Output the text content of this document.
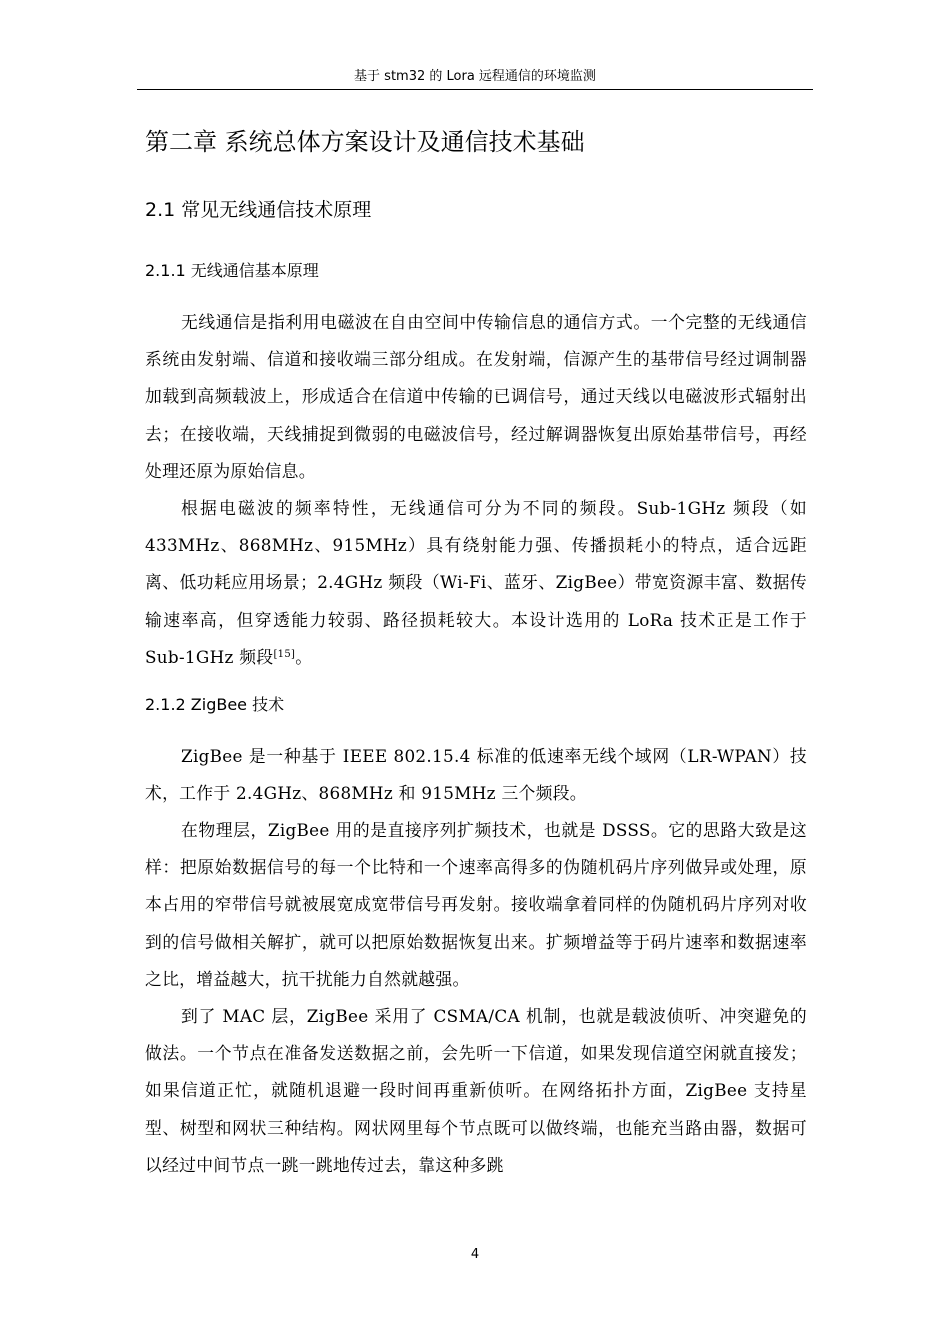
基于 stm32 的 Lora 远程通信的环境监测
第二章 系统总体方案设计及通信技术基础
2.1 常见无线通信技术原理
2.1.1 无线通信基本原理

无线通信是指利用电磁波在自由空间中传输信息的通信方式。一个完整的无线通信系统由发射端、信道和接收端三部分组成。在发射端，信源产生的基带信号经过调制器加载到高频载波上，形成适合在信道中传输的已调信号，通过天线以电磁波形式辐射出去；在接收端，天线捕捉到微弱的电磁波信号，经过解调器恢复出原始基带信号，再经处理还原为原始信息。

根据电磁波的频率特性，无线通信可分为不同的频段。Sub-1GHz 频段（如433MHz、868MHz、915MHz）具有绕射能力强、传播损耗小的特点，适合远距离、低功耗应用场景；2.4GHz 频段（Wi-Fi、蓝牙、ZigBee）带宽资源丰富、数据传输速率高，但穿透能力较弱、路径损耗较大。本设计选用的 LoRa 技术正是工作于 Sub-1GHz 频段[15]。

2.1.2 ZigBee 技术

ZigBee 是一种基于 IEEE 802.15.4 标准的低速率无线个域网（LR-WPAN）技术，工作于 2.4GHz、868MHz 和 915MHz 三个频段。

在物理层，ZigBee 用的是直接序列扩频技术，也就是 DSSS。它的思路大致是这样：把原始数据信号的每一个比特和一个速率高得多的伪随机码片序列做异或处理，原本占用的窄带信号就被展宽成宽带信号再发射。接收端拿着同样的伪随机码片序列对收到的信号做相关解扩，就可以把原始数据恢复出来。扩频增益等于码片速率和数据速率之比，增益越大，抗干扰能力自然就越强。

到了 MAC 层，ZigBee 采用了 CSMA/CA 机制，也就是载波侦听、冲突避免的做法。一个节点在准备发送数据之前，会先听一下信道，如果发现信道空闲就直接发；如果信道正忙，就随机退避一段时间再重新侦听。在网络拓扑方面，ZigBee 支持星型、树型和网状三种结构。网状网里每个节点既可以做终端，也能充当路由器，数据可以经过中间节点一跳一跳地传过去，靠这种多跳

4
